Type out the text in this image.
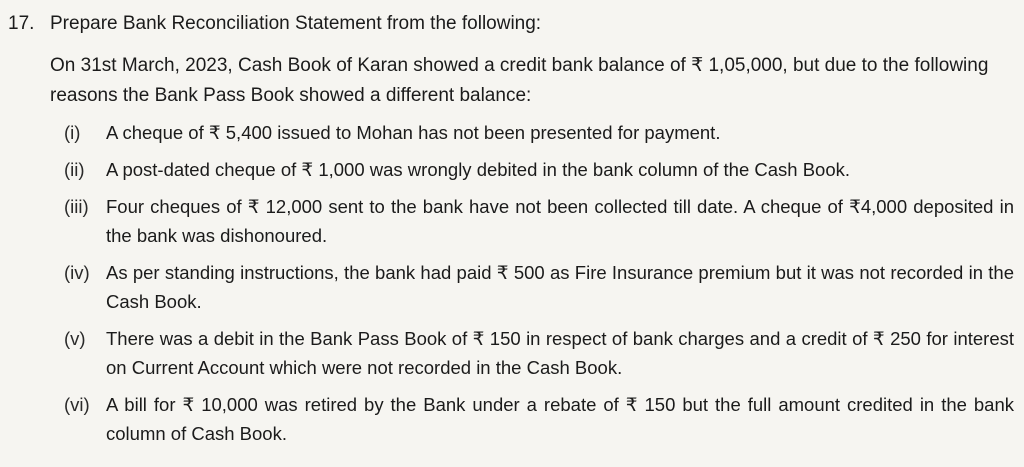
17. Prepare Bank Reconciliation Statement from the following:
On 31st March, 2023, Cash Book of Karan showed a credit bank balance of ₹ 1,05,000, but due to the following reasons the Bank Pass Book showed a different balance:
(i)	A cheque of ₹ 5,400 issued to Mohan has not been presented for payment.
(ii)	A post-dated cheque of ₹ 1,000 was wrongly debited in the bank column of the Cash Book.
(iii) Four cheques of ₹ 12,000 sent to the bank have not been collected till date. A cheque of ₹4,000 deposited in the bank was dishonoured.
(iv) As per standing instructions, the bank had paid ₹ 500 as Fire Insurance premium but it was not recorded in the Cash Book.
(v)	There was a debit in the Bank Pass Book of ₹ 150 in respect of bank charges and a credit of ₹ 250 for interest on Current Account which were not recorded in the Cash Book.
(vi) A bill for ₹ 10,000 was retired by the Bank under a rebate of ₹ 150 but the full amount credited in the bank column of Cash Book.
